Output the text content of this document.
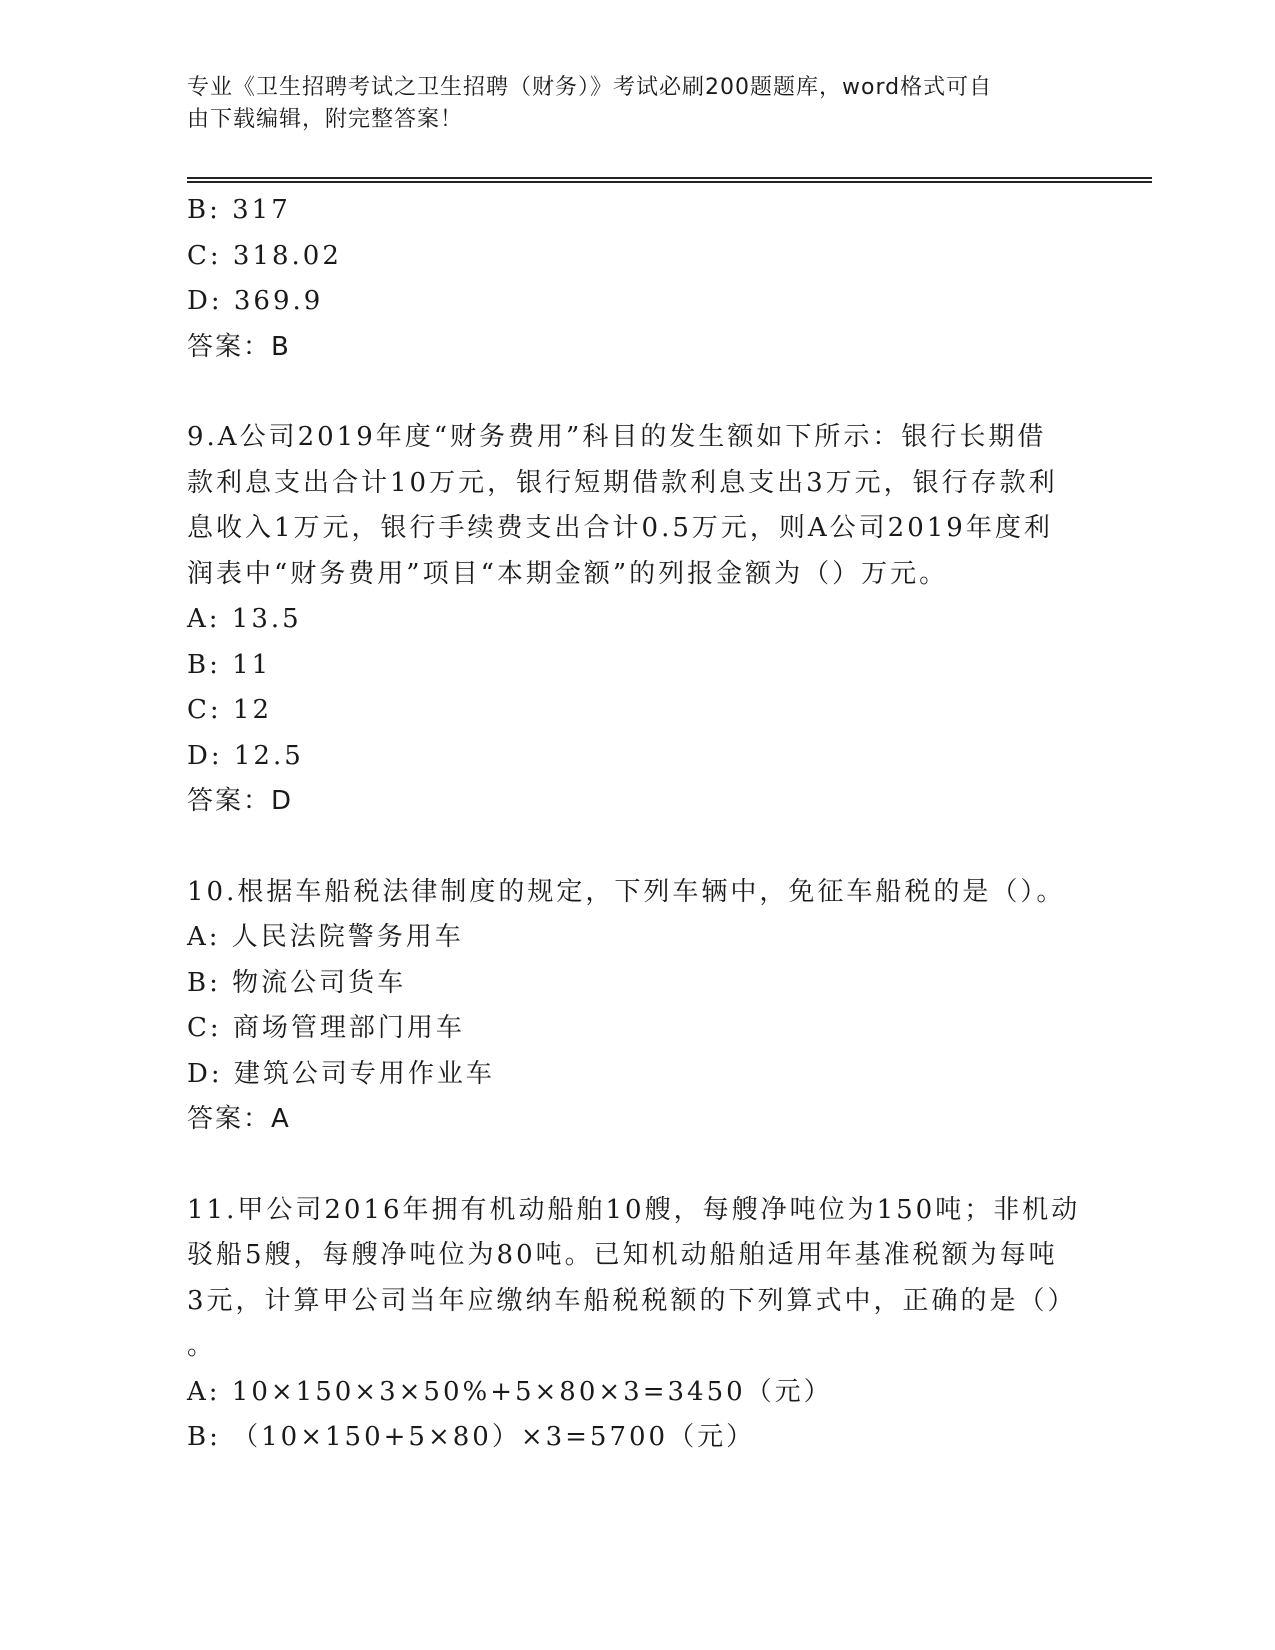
专业《卫生招聘考试之卫生招聘（财务）》考试必刷200题题库，word格式可自
由下载编辑，附完整答案！
B: 317
C: 318.02
D: 369.9
答案：B
9.A公司2019年度“财务费用”科目的发生额如下所示：银行长期借
款利息支出合计10万元，银行短期借款利息支出3万元，银行存款利
息收入1万元，银行手续费支出合计0.5万元，则A公司2019年度利
润表中“财务费用”项目“本期金额”的列报金额为（）万元。
A: 13.5
B: 11
C: 12
D: 12.5
答案：D
10.根据车船税法律制度的规定，下列车辆中，免征车船税的是（）。
A: 人民法院警务用车
B: 物流公司货车
C: 商场管理部门用车
D: 建筑公司专用作业车
答案：A
11.甲公司2016年拥有机动船舶10艘，每艘净吨位为150吨；非机动
驳船5艘，每艘净吨位为80吨。已知机动船舶适用年基准税额为每吨
3元，计算甲公司当年应缴纳车船税税额的下列算式中，正确的是（）
。
A: 10×150×3×50%+5×80×3=3450（元）
B: （10×150+5×80）×3=5700（元）
